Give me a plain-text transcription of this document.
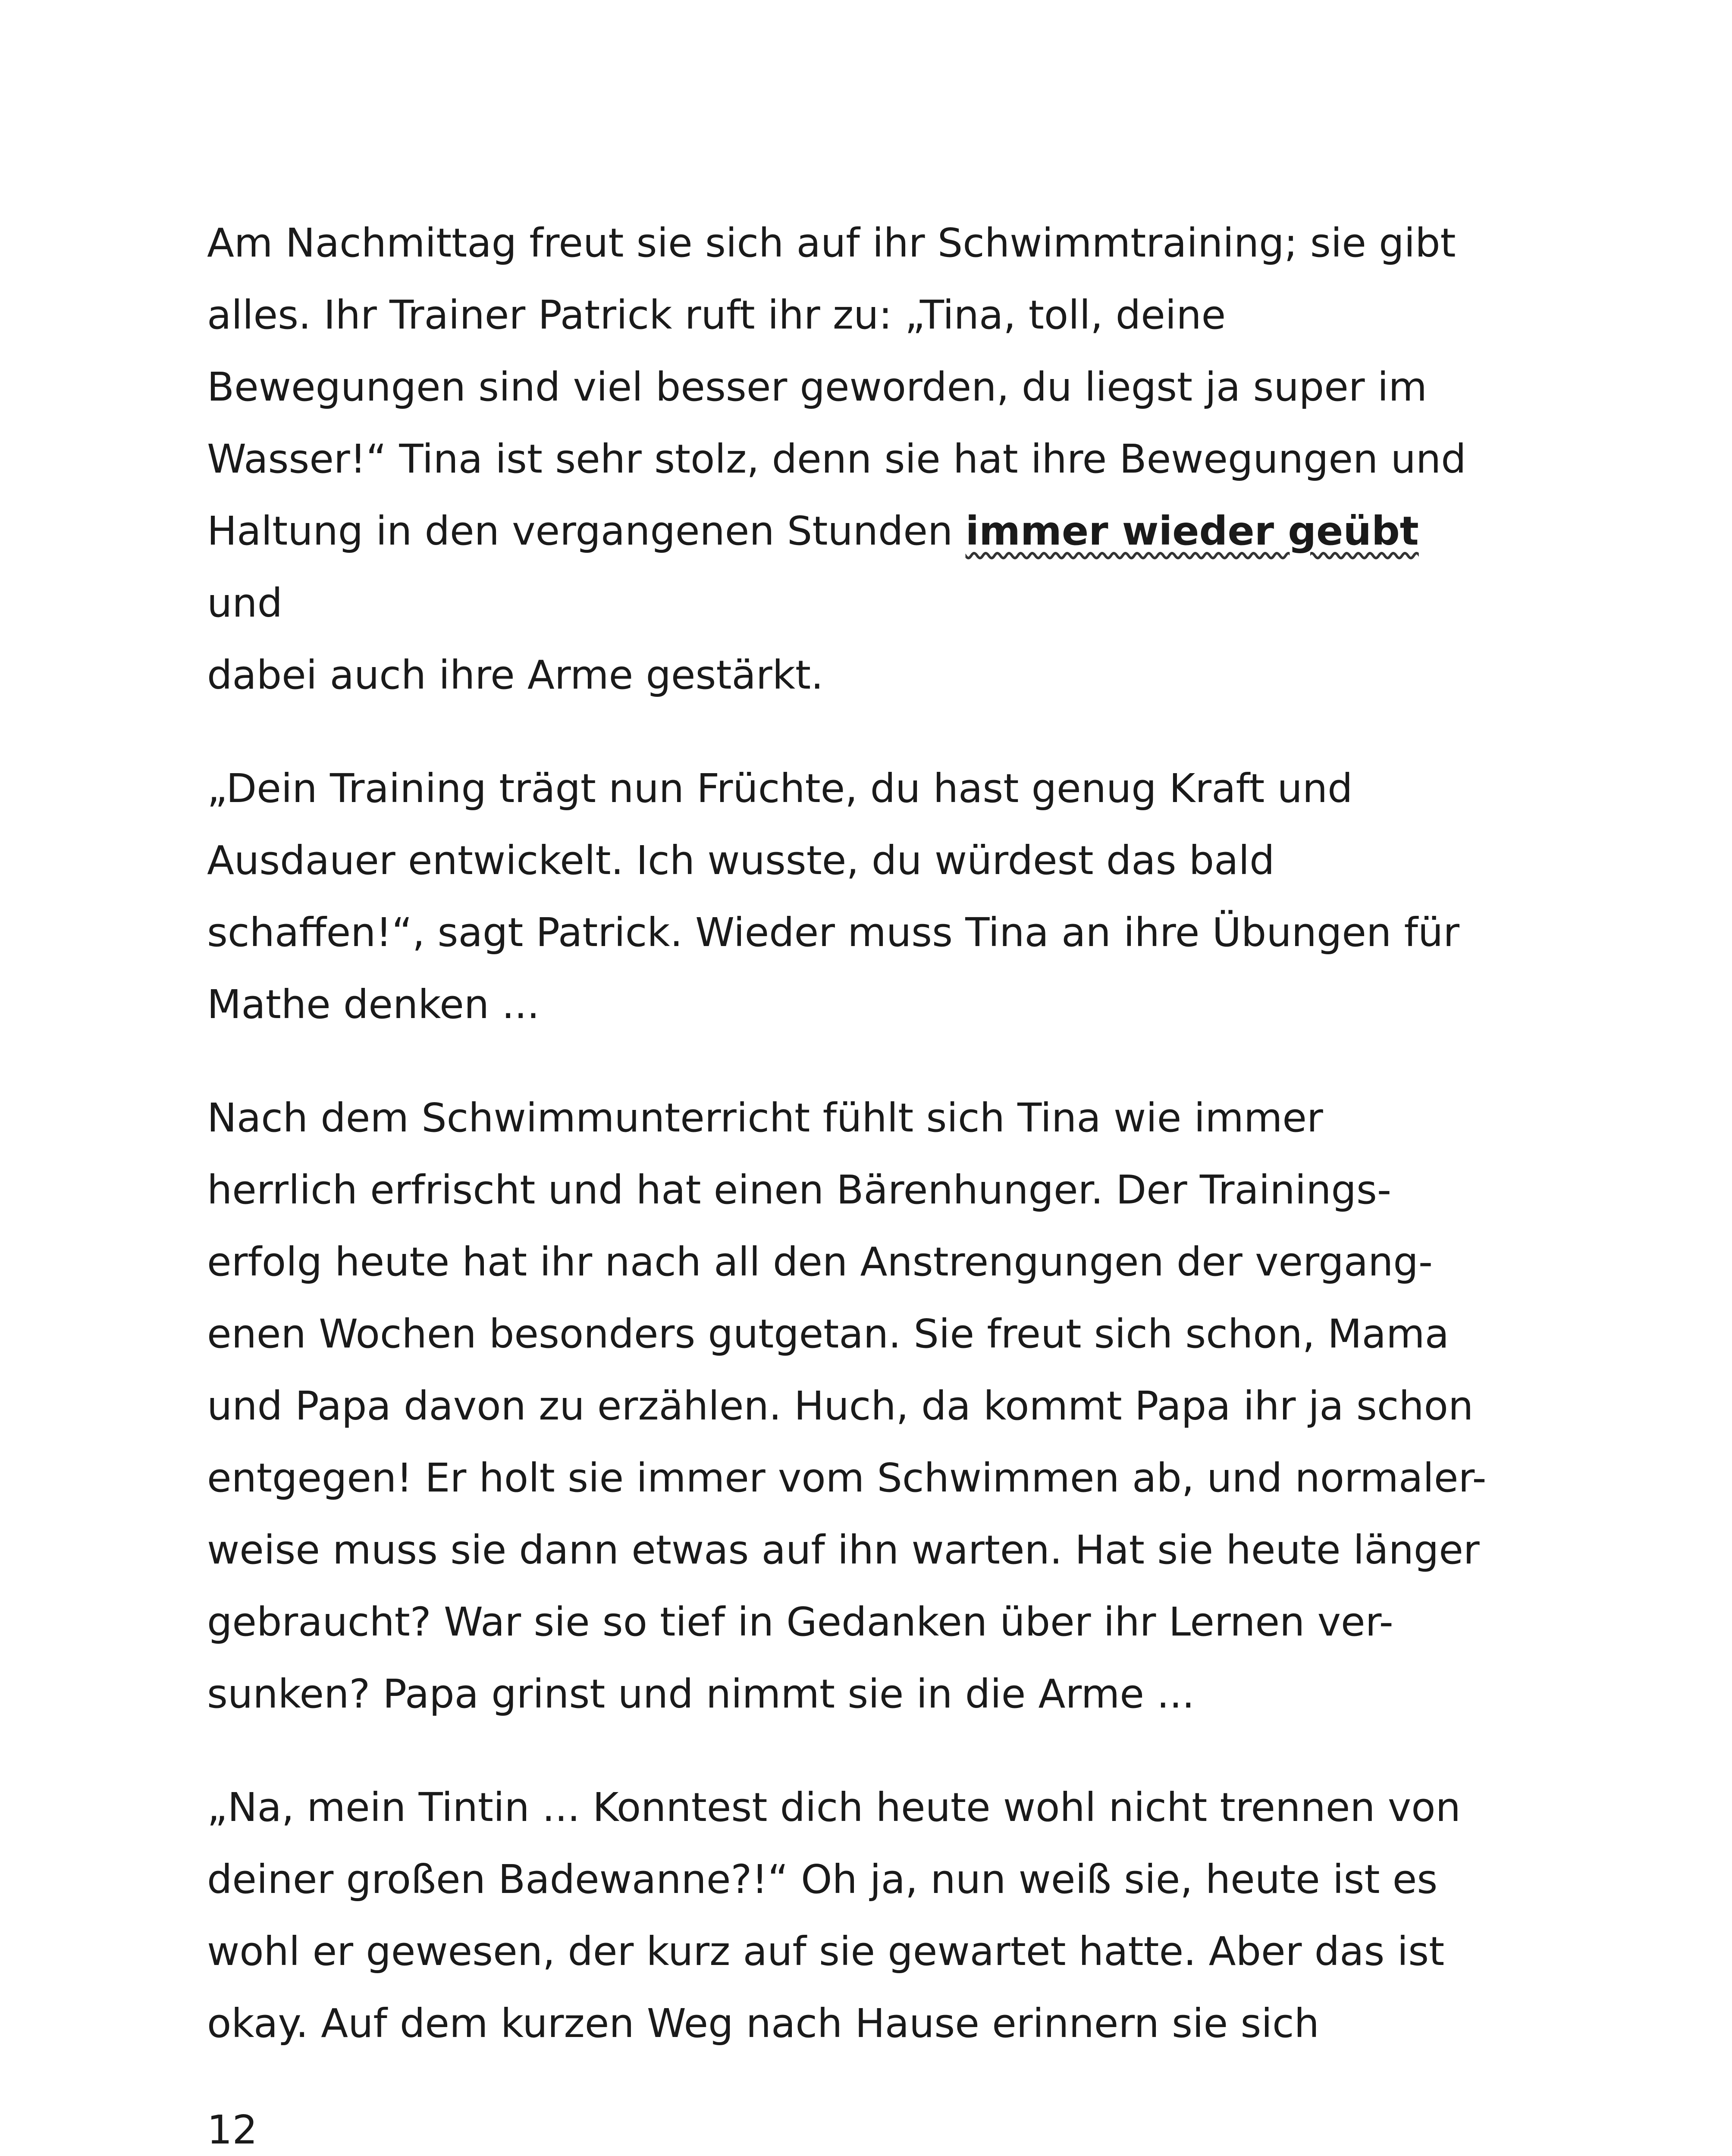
Am Nachmittag freut sie sich auf ihr Schwimmtraining; sie gibt
alles. Ihr Trainer Patrick ruft ihr zu: „Tina, toll, deine
Bewegungen sind viel besser geworden, du liegst ja super im
Wasser!“ Tina ist sehr stolz, denn sie hat ihre Bewegungen und
Haltung in den vergangenen Stunden immer wieder geübt und
dabei auch ihre Arme gestärkt.

„Dein Training trägt nun Früchte, du hast genug Kraft und
Ausdauer entwickelt. Ich wusste, du würdest das bald
schaffen!“, sagt Patrick. Wieder muss Tina an ihre Übungen für
Mathe denken ...

Nach dem Schwimmunterricht fühlt sich Tina wie immer
herrlich erfrischt und hat einen Bärenhunger. Der Trainings-
erfolg heute hat ihr nach all den Anstrengungen der vergang-
enen Wochen besonders gutgetan. Sie freut sich schon, Mama
und Papa davon zu erzählen. Huch, da kommt Papa ihr ja schon
entgegen! Er holt sie immer vom Schwimmen ab, und normaler-
weise muss sie dann etwas auf ihn warten. Hat sie heute länger
gebraucht? War sie so tief in Gedanken über ihr Lernen ver-
sunken? Papa grinst und nimmt sie in die Arme ...

„Na, mein Tintin ... Konntest dich heute wohl nicht trennen von
deiner großen Badewanne?!“ Oh ja, nun weiß sie, heute ist es
wohl er gewesen, der kurz auf sie gewartet hatte. Aber das ist
okay. Auf dem kurzen Weg nach Hause erinnern sie sich

12
